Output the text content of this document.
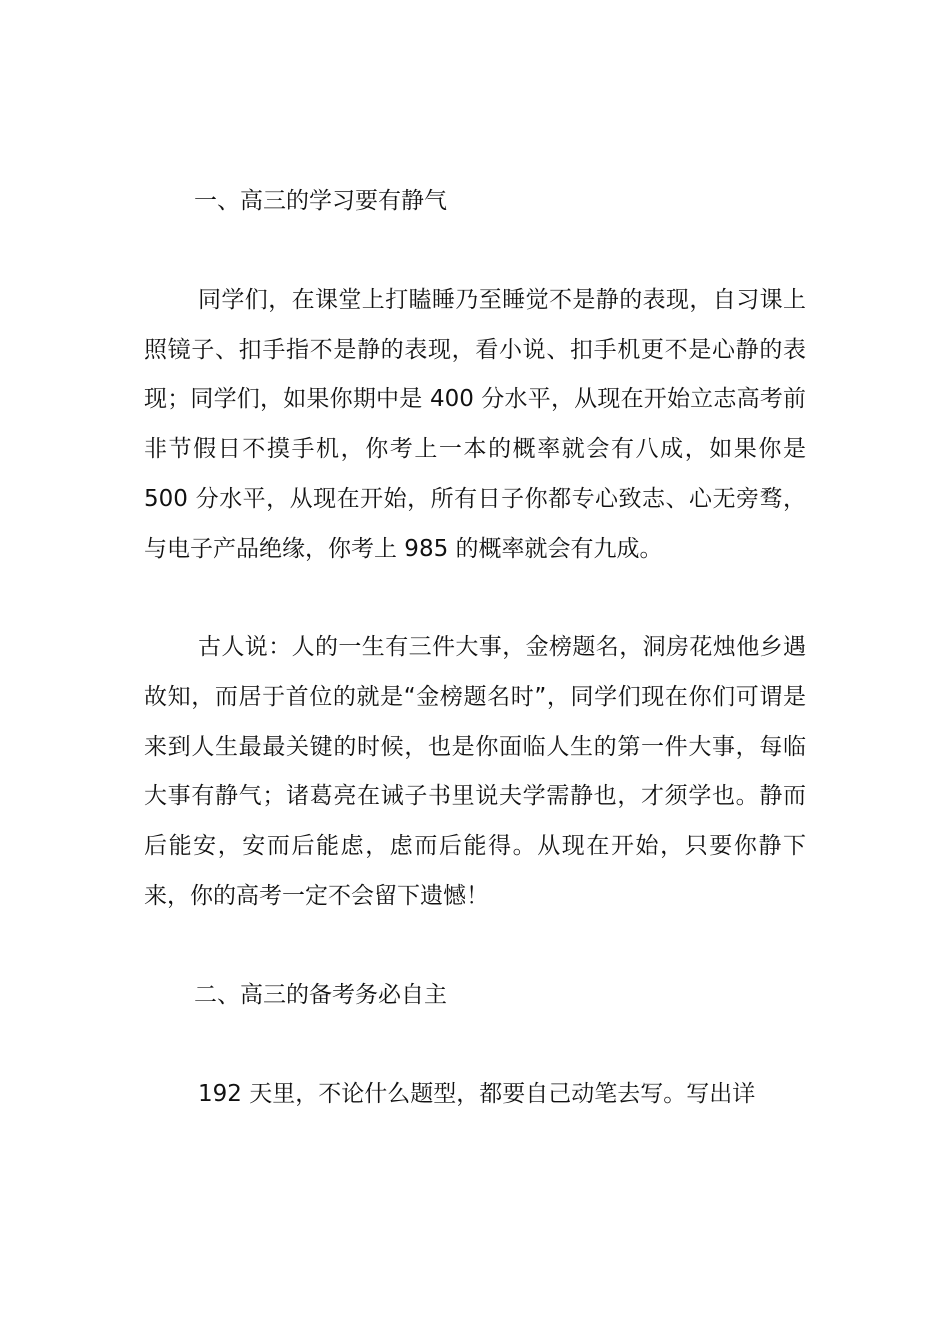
一、高三的学习要有静气

同学们，在课堂上打瞌睡乃至睡觉不是静的表现，自习课上照镜子、扣手指不是静的表现，看小说、扣手机更不是心静的表现；同学们，如果你期中是 400 分水平，从现在开始立志高考前非节假日不摸手机，你考上一本的概率就会有八成，如果你是 500 分水平，从现在开始，所有日子你都专心致志、心无旁骛，与电子产品绝缘，你考上 985 的概率就会有九成。

古人说：人的一生有三件大事，金榜题名，洞房花烛他乡遇故知，而居于首位的就是“金榜题名时”，同学们现在你们可谓是来到人生最最关键的时候，也是你面临人生的第一件大事，每临大事有静气；诸葛亮在诫子书里说夫学需静也，才须学也。静而后能安，安而后能虑，虑而后能得。从现在开始，只要你静下来，你的高考一定不会留下遗憾！

二、高三的备考务必自主

192 天里，不论什么题型，都要自己动笔去写。写出详
